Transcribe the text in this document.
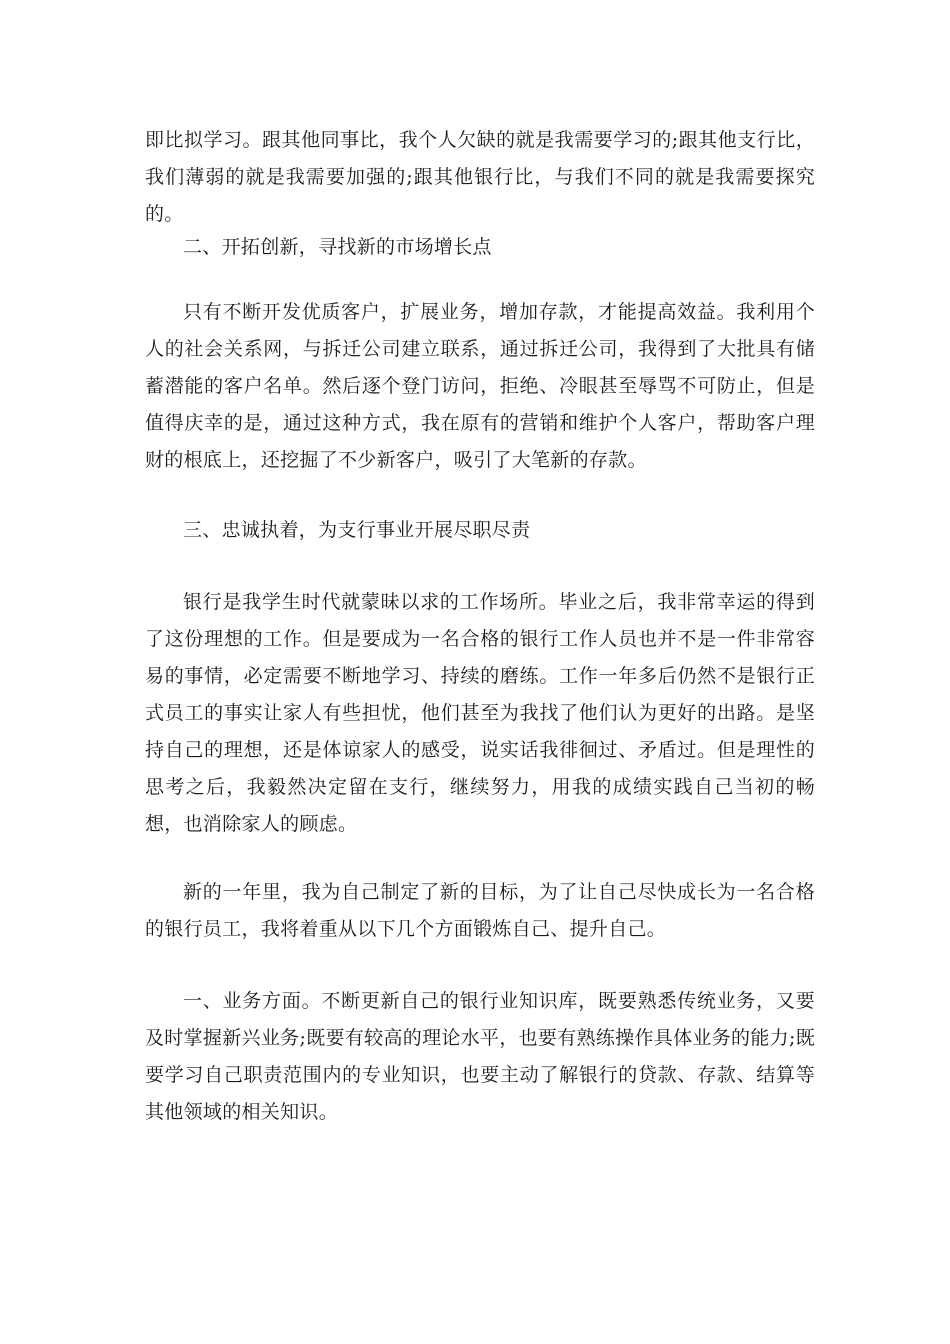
即比拟学习。跟其他同事比，我个人欠缺的就是我需要学习的;跟其他支行比，我们薄弱的就是我需要加强的;跟其他银行比，与我们不同的就是我需要探究的。

二、开拓创新，寻找新的市场增长点

只有不断开发优质客户，扩展业务，增加存款，才能提高效益。我利用个人的社会关系网，与拆迁公司建立联系，通过拆迁公司，我得到了大批具有储蓄潜能的客户名单。然后逐个登门访问，拒绝、冷眼甚至辱骂不可防止，但是值得庆幸的是，通过这种方式，我在原有的营销和维护个人客户，帮助客户理财的根底上，还挖掘了不少新客户，吸引了大笔新的存款。

三、忠诚执着，为支行事业开展尽职尽责

银行是我学生时代就蒙昧以求的工作场所。毕业之后，我非常幸运的得到了这份理想的工作。但是要成为一名合格的银行工作人员也并不是一件非常容易的事情，必定需要不断地学习、持续的磨练。工作一年多后仍然不是银行正式员工的事实让家人有些担忧，他们甚至为我找了他们认为更好的出路。是坚持自己的理想，还是体谅家人的感受，说实话我徘徊过、矛盾过。但是理性的思考之后，我毅然决定留在支行，继续努力，用我的成绩实践自己当初的畅想，也消除家人的顾虑。

新的一年里，我为自己制定了新的目标，为了让自己尽快成长为一名合格的银行员工，我将着重从以下几个方面锻炼自己、提升自己。

一、业务方面。不断更新自己的银行业知识库，既要熟悉传统业务，又要及时掌握新兴业务;既要有较高的理论水平，也要有熟练操作具体业务的能力;既要学习自己职责范围内的专业知识，也要主动了解银行的贷款、存款、结算等其他领域的相关知识。
